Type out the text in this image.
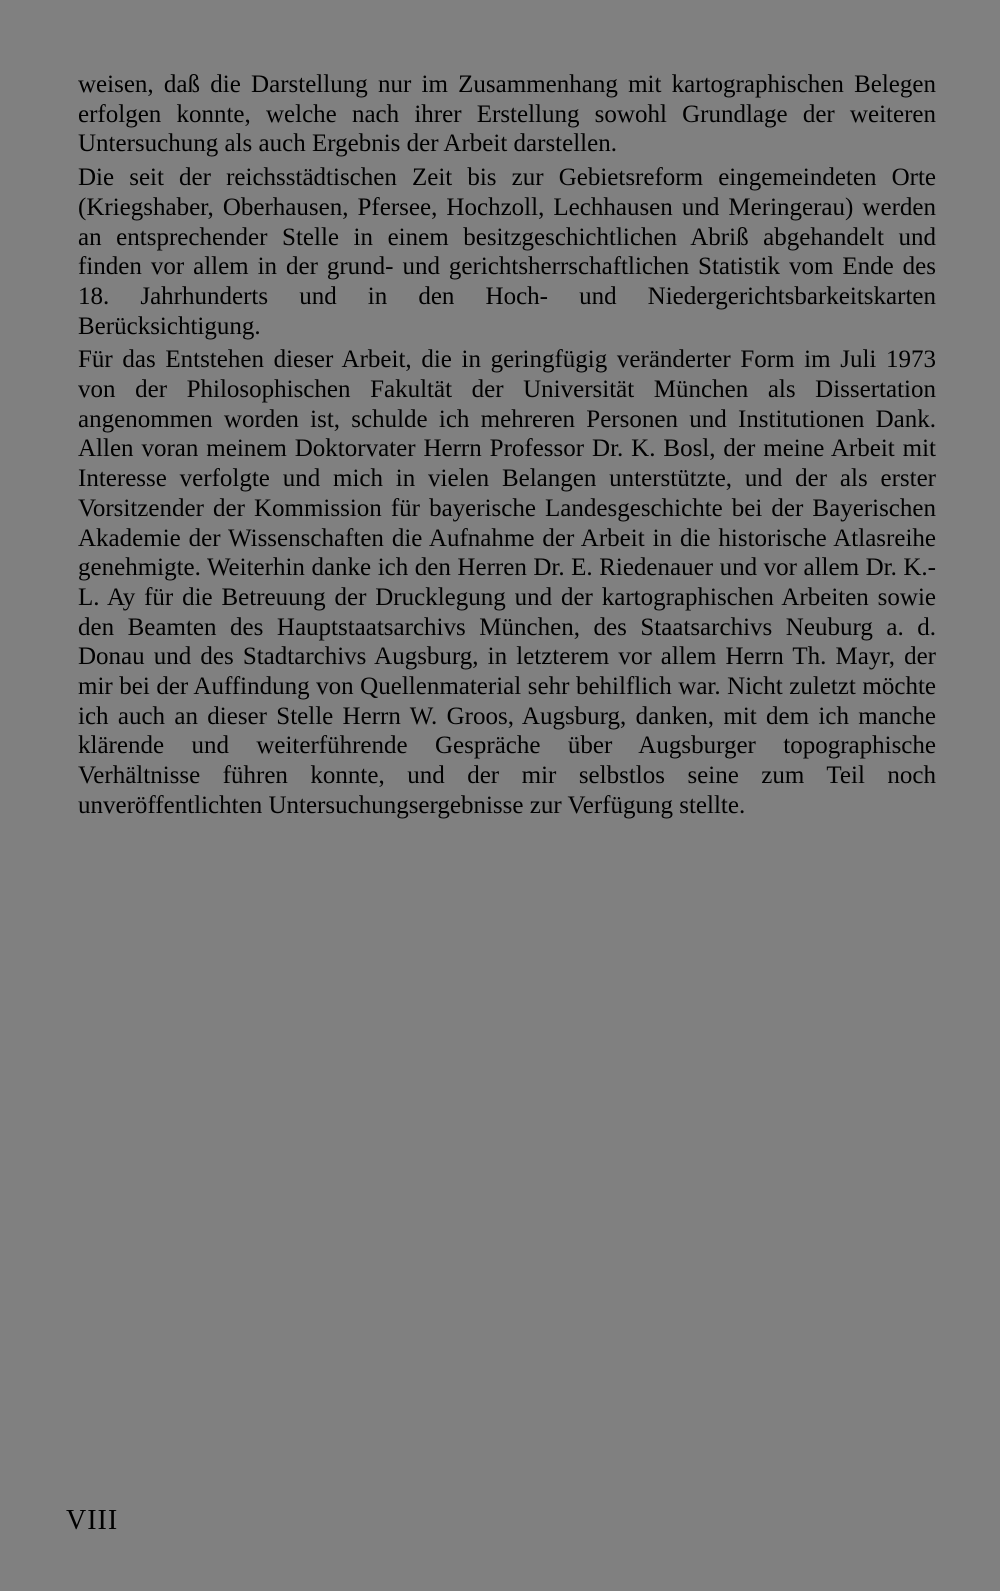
weisen, daß die Darstellung nur im Zusammenhang mit kartographischen Belegen erfolgen konnte, welche nach ihrer Erstellung sowohl Grundlage der weiteren Untersuchung als auch Ergebnis der Arbeit darstellen.

Die seit der reichsstädtischen Zeit bis zur Gebietsreform eingemeindeten Orte (Kriegshaber, Oberhausen, Pfersee, Hochzoll, Lechhausen und Meringerau) werden an entsprechender Stelle in einem besitzgeschichtlichen Abriß abgehandelt und finden vor allem in der grund- und gerichtsherrschaftlichen Statistik vom Ende des 18. Jahrhunderts und in den Hoch- und Niedergerichtsbarkeitskarten Berücksichtigung.

Für das Entstehen dieser Arbeit, die in geringfügig veränderter Form im Juli 1973 von der Philosophischen Fakultät der Universität München als Dissertation angenommen worden ist, schulde ich mehreren Personen und Institutionen Dank. Allen voran meinem Doktorvater Herrn Professor Dr. K. Bosl, der meine Arbeit mit Interesse verfolgte und mich in vielen Belangen unterstützte, und der als erster Vorsitzender der Kommission für bayerische Landesgeschichte bei der Bayerischen Akademie der Wissenschaften die Aufnahme der Arbeit in die historische Atlasreihe genehmigte. Weiterhin danke ich den Herren Dr. E. Riedenauer und vor allem Dr. K.-L. Ay für die Betreuung der Drucklegung und der kartographischen Arbeiten sowie den Beamten des Hauptstaatsarchivs München, des Staatsarchivs Neuburg a. d. Donau und des Stadtarchivs Augsburg, in letzterem vor allem Herrn Th. Mayr, der mir bei der Auffindung von Quellenmaterial sehr behilflich war. Nicht zuletzt möchte ich auch an dieser Stelle Herrn W. Groos, Augsburg, danken, mit dem ich manche klärende und weiterführende Gespräche über Augsburger topographische Verhältnisse führen konnte, und der mir selbstlos seine zum Teil noch unveröffentlichten Untersuchungsergebnisse zur Verfügung stellte.

VIII
